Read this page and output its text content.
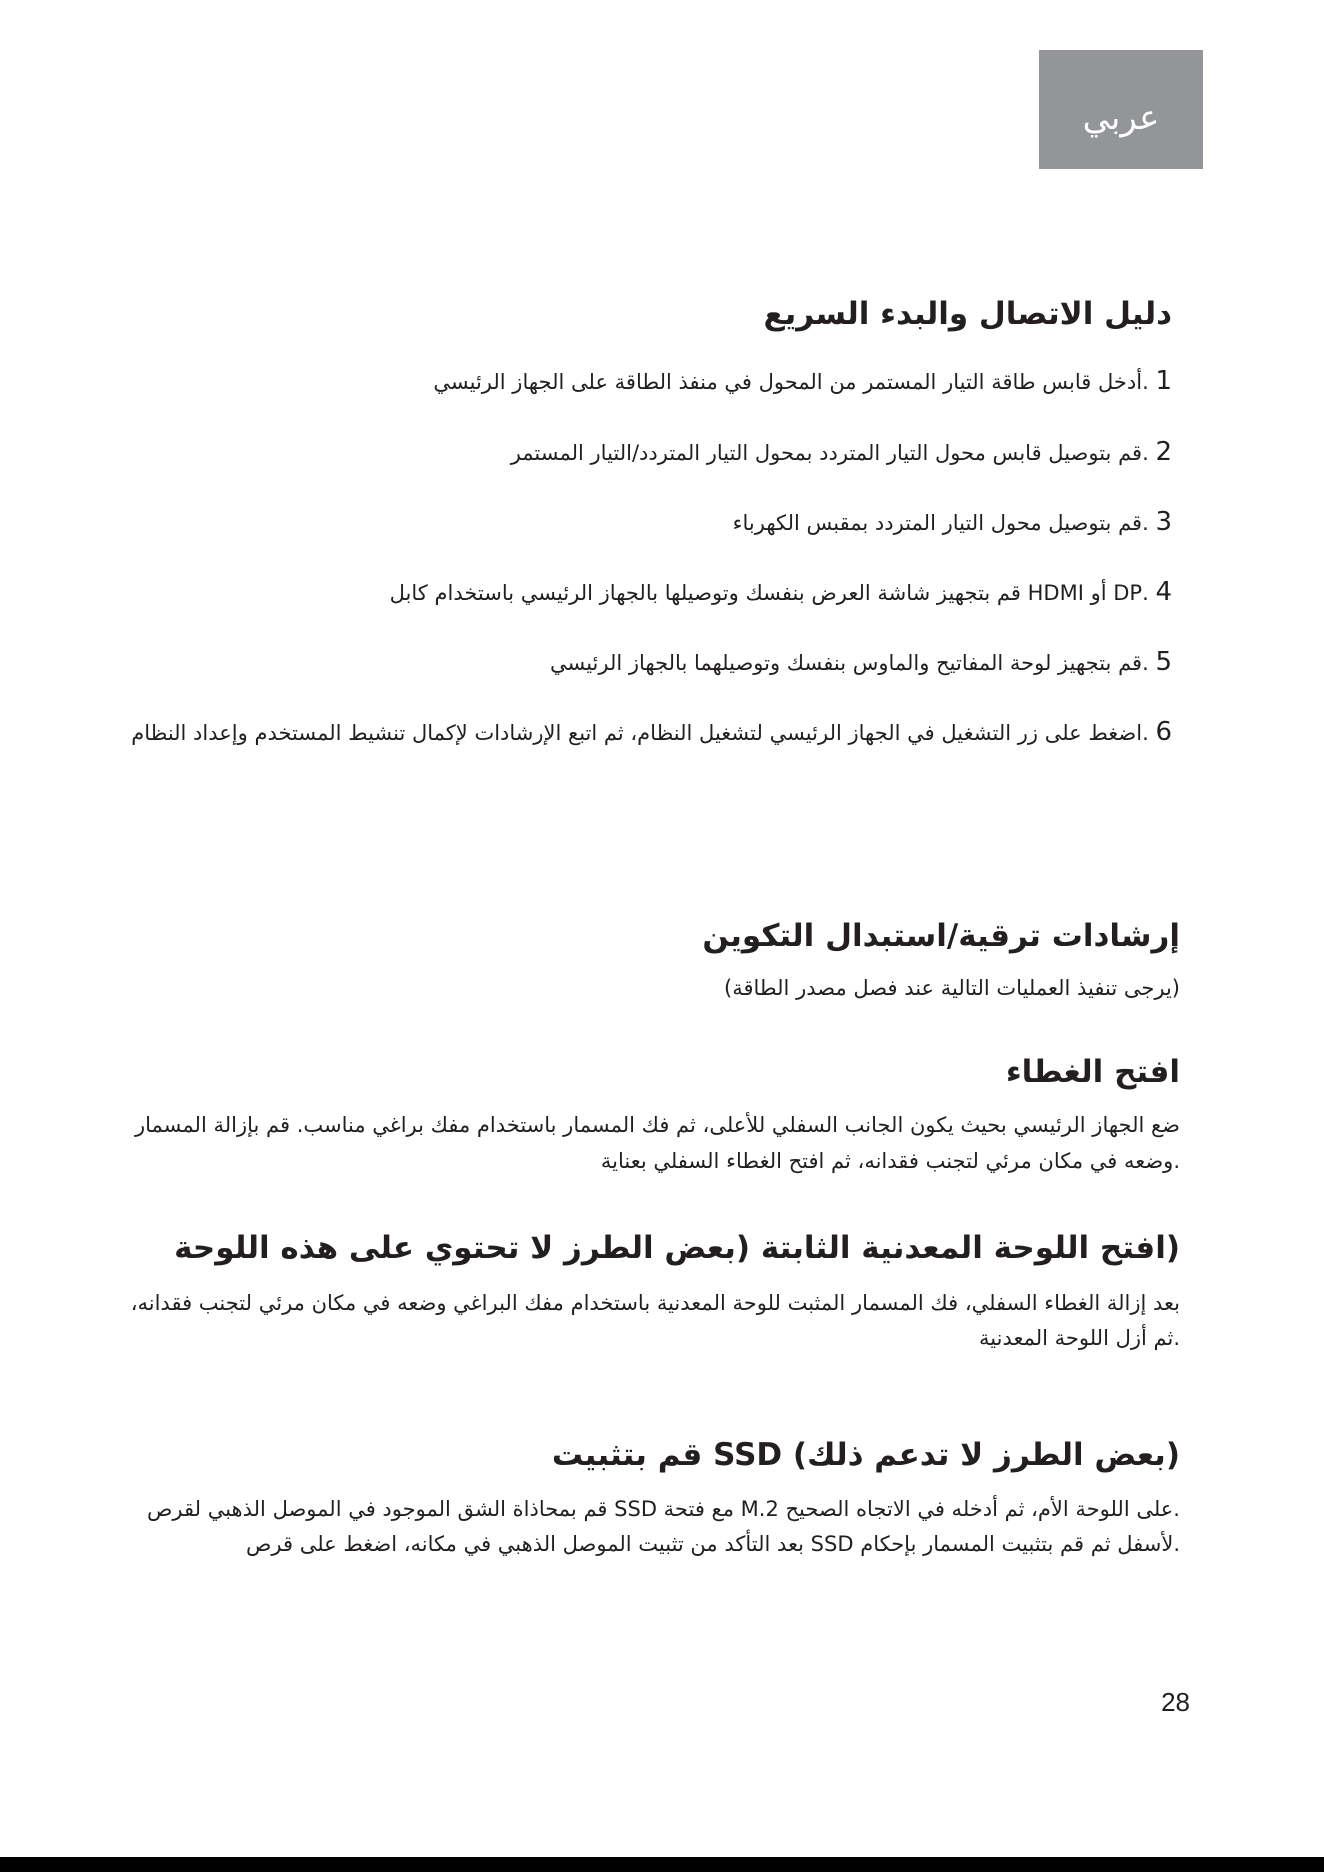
عربي
دليل الاتصال والبدء السريع
1 .أدخل قابس طاقة التيار المستمر من المحول في منفذ الطاقة على الجهاز الرئيسي
2 .قم بتوصيل قابس محول التيار المتردد بمحول التيار المتردد/التيار المستمر
3 .قم بتوصيل محول التيار المتردد بمقبس الكهرباء
4 .DP أو HDMI قم بتجهيز شاشة العرض بنفسك وتوصيلها بالجهاز الرئيسي باستخدام كابل
5 .قم بتجهيز لوحة المفاتيح والماوس بنفسك وتوصيلهما بالجهاز الرئيسي
6 .اضغط على زر التشغيل في الجهاز الرئيسي لتشغيل النظام، ثم اتبع الإرشادات لإكمال تنشيط المستخدم وإعداد النظام
إرشادات ترقية/استبدال التكوين
(يرجى تنفيذ العمليات التالية عند فصل مصدر الطاقة)
افتح الغطاء
ضع الجهاز الرئيسي بحيث يكون الجانب السفلي للأعلى، ثم فك المسمار باستخدام مفك براغي مناسب. قم بإزالة المسمار
.وضعه في مكان مرئي لتجنب فقدانه، ثم افتح الغطاء السفلي بعناية
(افتح اللوحة المعدنية الثابتة (بعض الطرز لا تحتوي على هذه اللوحة
بعد إزالة الغطاء السفلي، فك المسمار المثبت للوحة المعدنية باستخدام مفك البراغي وضعه في مكان مرئي لتجنب فقدانه،
.ثم أزل اللوحة المعدنية
(بعض الطرز لا تدعم ذلك) SSD قم بتثبيت
.على اللوحة الأم، ثم أدخله في الاتجاه الصحيح M.2 مع فتحة SSD قم بمحاذاة الشق الموجود في الموصل الذهبي لقرص
.لأسفل ثم قم بتثبيت المسمار بإحكام SSD بعد التأكد من تثبيت الموصل الذهبي في مكانه، اضغط على قرص
28
